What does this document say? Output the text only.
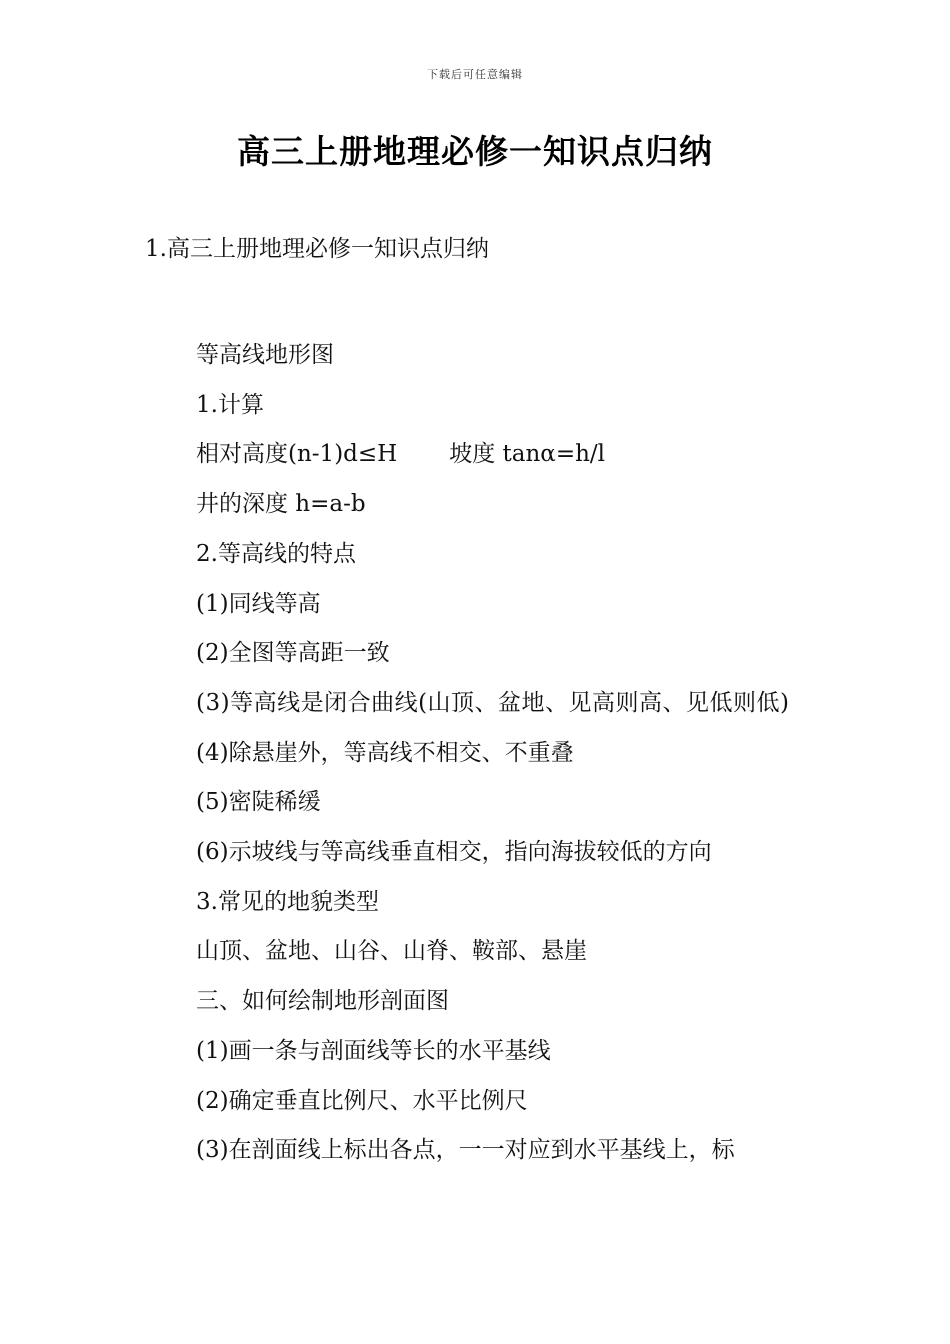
下载后可任意编辑
高三上册地理必修一知识点归纳
1.高三上册地理必修一知识点归纳

等高线地形图

1.计算

相对高度(n-1)d≤H 坡度 tanα=h/l

井的深度 h=a-b

2.等高线的特点

(1)同线等高

(2)全图等高距一致

(3)等高线是闭合曲线(山顶、盆地、见高则高、见低则低)

(4)除悬崖外，等高线不相交、不重叠

(5)密陡稀缓

(6)示坡线与等高线垂直相交，指向海拔较低的方向

3.常见的地貌类型

山顶、盆地、山谷、山脊、鞍部、悬崖

三、如何绘制地形剖面图

(1)画一条与剖面线等长的水平基线

(2)确定垂直比例尺、水平比例尺

(3)在剖面线上标出各点，一一对应到水平基线上，标
